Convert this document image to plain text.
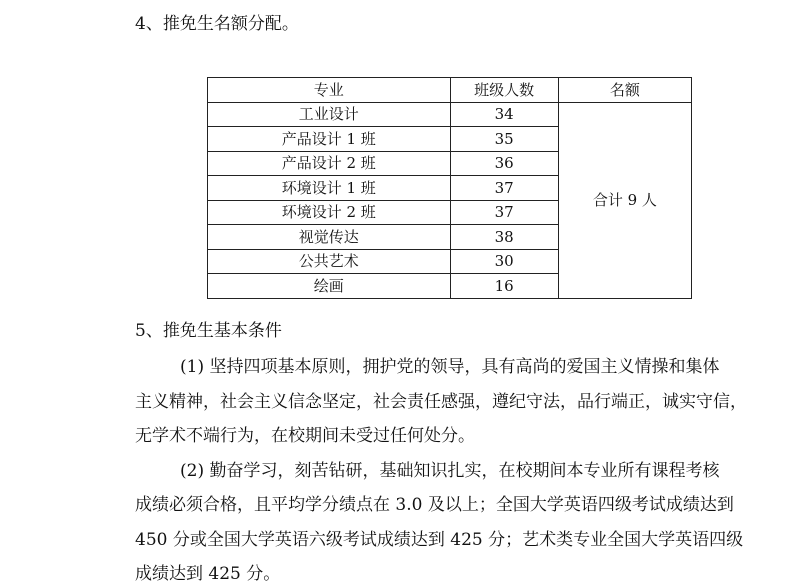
4、推免生名额分配。
专业	班级人数	名额
工业设计	34	合计 9 人
产品设计 1 班	35	
产品设计 2 班	36	
环境设计 1 班	37	
环境设计 2 班	37	
视觉传达	38	
公共艺术	30	
绘画	16	
5、推免生基本条件
(1) 坚持四项基本原则，拥护党的领导，具有高尚的爱国主义情操和集体
主义精神，社会主义信念坚定，社会责任感强，遵纪守法，品行端正，诚实守信，
无学术不端行为，在校期间未受过任何处分。
(2) 勤奋学习，刻苦钻研，基础知识扎实，在校期间本专业所有课程考核
成绩必须合格，且平均学分绩点在 3.0 及以上；全国大学英语四级考试成绩达到
450 分或全国大学英语六级考试成绩达到 425 分；艺术类专业全国大学英语四级
成绩达到 425 分。
